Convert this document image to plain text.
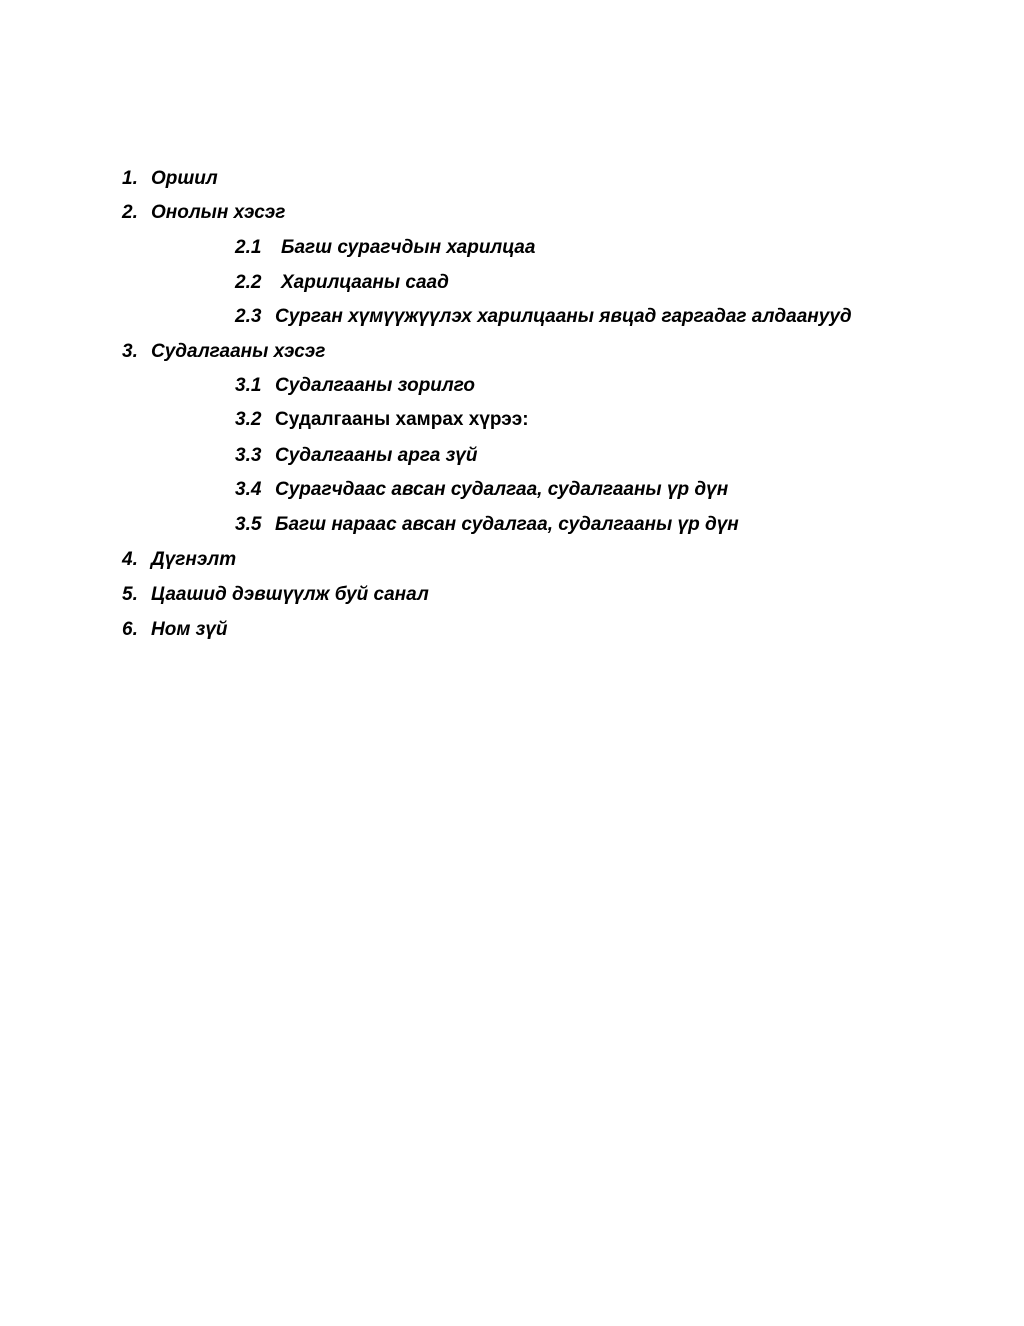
1. Оршил
2. Онолын хэсэг
2.1 Багш сурагчдын харилцаа
2.2 Харилцааны саад
2.3 Сурган хүмүүжүүлэх харилцааны явцад гаргадаг алдаанууд
3. Судалгааны хэсэг
3.1 Судалгааны зорилго
3.2 Судалгааны хамрах хүрээ:
3.3 Судалгааны арга зүй
3.4 Сурагчдаас авсан судалгаа, судалгааны үр дүн
3.5 Багш нараас авсан судалгаа, судалгааны үр дүн
4. Дүгнэлт
5. Цаашид дэвшүүлж буй санал
6. Ном зүй
